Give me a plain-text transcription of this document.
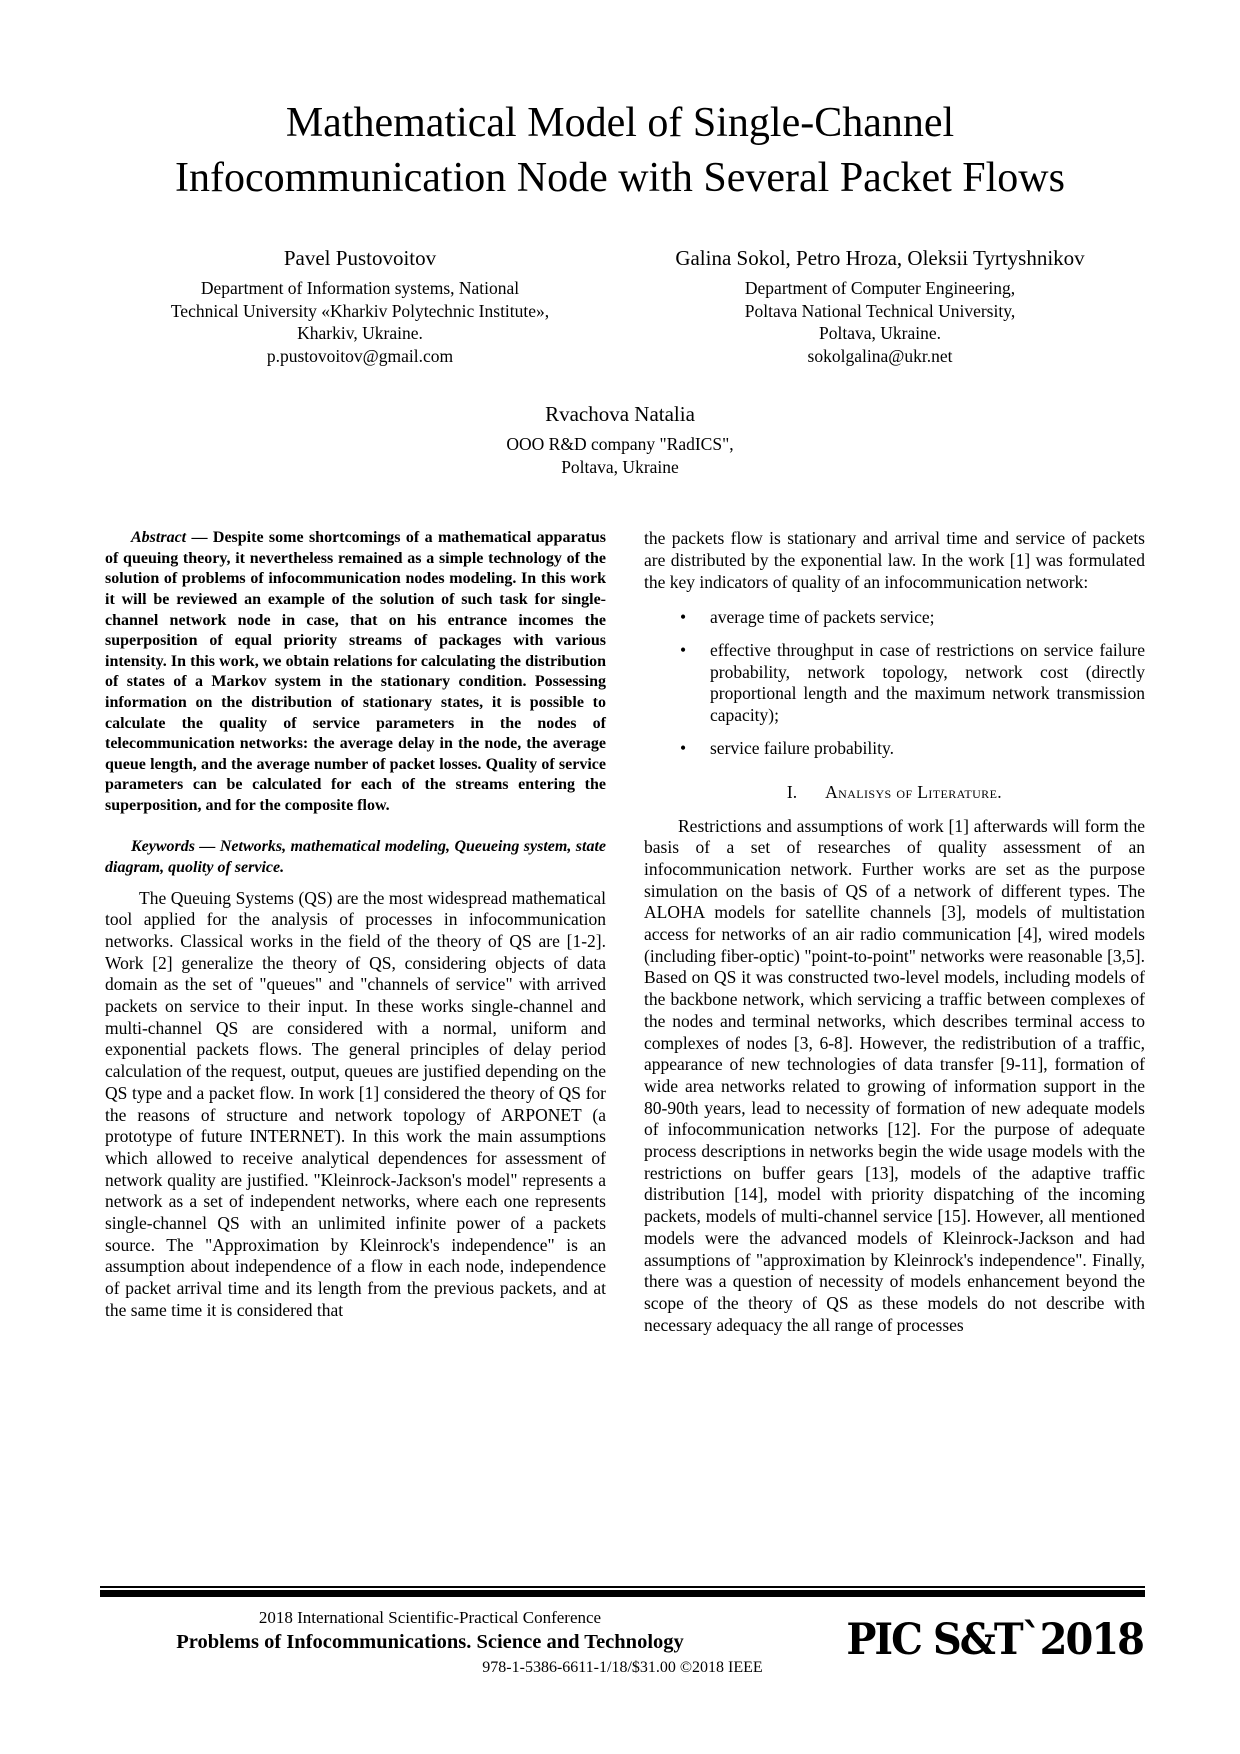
Mathematical Model of Single-Channel Infocommunication Node with Several Packet Flows
Pavel Pustovoitov
Department of Information systems, National
Technical University «Kharkiv Polytechnic Institute»,
Kharkiv, Ukraine.
p.pustovoitov@gmail.com
Galina Sokol, Petro Hroza, Oleksii Tyrtyshnikov
Department of Computer Engineering,
Poltava National Technical University,
Poltava, Ukraine.
sokolgalina@ukr.net
Rvachova Natalia
OOO R&D company "RadICS",
Poltava, Ukraine

Abstract — Despite some shortcomings of a mathematical apparatus of queuing theory, it nevertheless remained as a simple technology of the solution of problems of infocommunication nodes modeling. In this work it will be reviewed an example of the solution of such task for single-channel network node in case, that on his entrance incomes the superposition of equal priority streams of packages with various intensity. In this work, we obtain relations for calculating the distribution of states of a Markov system in the stationary condition. Possessing information on the distribution of stationary states, it is possible to calculate the quality of service parameters in the nodes of telecommunication networks: the average delay in the node, the average queue length, and the average number of packet losses. Quality of service parameters can be calculated for each of the streams entering the superposition, and for the composite flow.

Keywords — Networks, mathematical modeling, Queueing system, state diagram, quolity of service.

The Queuing Systems (QS) are the most widespread mathematical tool applied for the analysis of processes in infocommunication networks. Classical works in the field of the theory of QS are [1-2]. Work [2] generalize the theory of QS, considering objects of data domain as the set of "queues" and "channels of service" with arrived packets on service to their input. In these works single-channel and multi-channel QS are considered with a normal, uniform and exponential packets flows. The general principles of delay period calculation of the request, output, queues are justified depending on the QS type and a packet flow. In work [1] considered the theory of QS for the reasons of structure and network topology of ARPONET (a prototype of future INTERNET). In this work the main assumptions which allowed to receive analytical dependences for assessment of network quality are justified. "Kleinrock-Jackson's model" represents a network as a set of independent networks, where each one represents single-channel QS with an unlimited infinite power of a packets source. The "Approximation by Kleinrock's independence" is an assumption about independence of a flow in each node, independence of packet arrival time and its length from the previous packets, and at the same time it is considered that

the packets flow is stationary and arrival time and service of packets are distributed by the exponential law. In the work [1] was formulated the key indicators of quality of an infocommunication network:

•	average time of packets service;
•	effective throughput in case of restrictions on service failure probability, network topology, network cost (directly proportional length and the maximum network transmission capacity);
•	service failure probability.
I. Analisys of Literature.

Restrictions and assumptions of work [1] afterwards will form the basis of a set of researches of quality assessment of an infocommunication network. Further works are set as the purpose simulation on the basis of QS of a network of different types. The ALOHA models for satellite channels [3], models of multistation access for networks of an air radio communication [4], wired models (including fiber-optic) "point-to-point" networks were reasonable [3,5]. Based on QS it was constructed two-level models, including models of the backbone network, which servicing a traffic between complexes of the nodes and terminal networks, which describes terminal access to complexes of nodes [3, 6-8]. However, the redistribution of a traffic, appearance of new technologies of data transfer [9-11], formation of wide area networks related to growing of information support in the 80-90th years, lead to necessity of formation of new adequate models of infocommunication networks [12]. For the purpose of adequate process descriptions in networks begin the wide usage models with the restrictions on buffer gears [13], models of the adaptive traffic distribution [14], model with priority dispatching of the incoming packets, models of multi-channel service [15]. However, all mentioned models were the advanced models of Kleinrock-Jackson and had assumptions of "approximation by Kleinrock's independence". Finally, there was a question of necessity of models enhancement beyond the scope of the theory of QS as these models do not describe with necessary adequacy the all range of processes

2018 International Scientific-Practical Conference
Problems of Infocommunications. Science and Technology	PIC S&T`2018
978-1-5386-6611-1/18/$31.00 ©2018 IEEE
